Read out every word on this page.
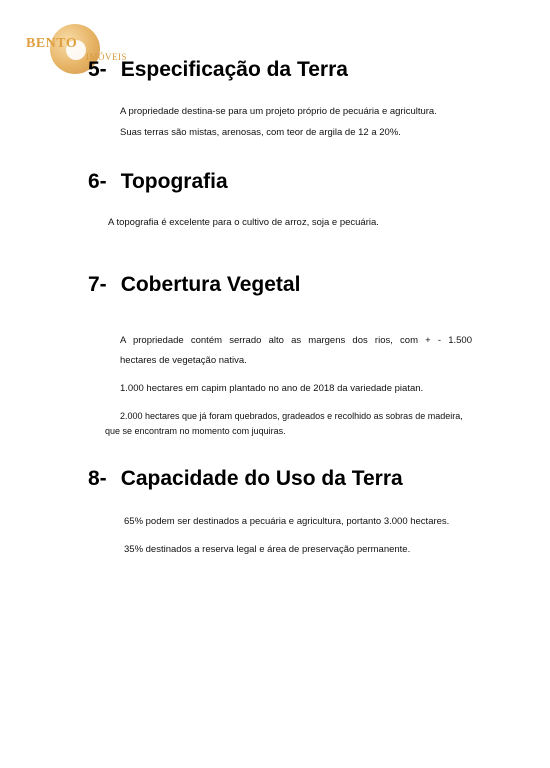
BENTO
IMÓVEIS
5- Especificação da Terra

A propriedade destina-se para um projeto próprio de pecuária e agricultura.

Suas terras são mistas, arenosas, com teor de argila de 12 a 20%.

6- Topografia

A topografia é excelente para o cultivo de arroz, soja e pecuária.

7- Cobertura Vegetal

A propriedade contém serrado alto as margens dos rios, com + - 1.500

hectares de vegetação nativa.

1.000 hectares em capim plantado no ano de 2018 da variedade piatan.

2.000 hectares que já foram quebrados, gradeados e recolhido as sobras de madeira,

que se encontram no momento com juquiras.

8- Capacidade do Uso da Terra

65% podem ser destinados a pecuária e agricultura, portanto 3.000 hectares.

35% destinados a reserva legal e área de preservação permanente.
